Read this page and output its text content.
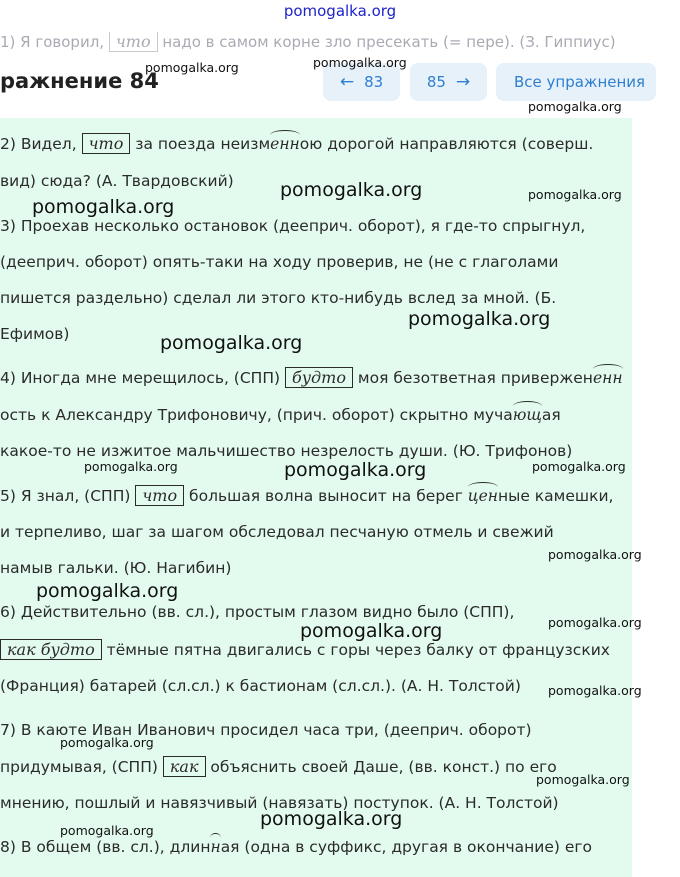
pomogalka.org
1) Я говорил, что надо в самом корне зло пресекать (= пере). (З. Гиппиус)
ражнение 84	← 83	85 →	Все упражнения
2) Видел, что за поезда неизменною дорогой направляются (соверш.
вид) сюда? (А. Твардовский)
3) Проехав несколько остановок (дееприч. оборот), я где-то спрыгнул,
(дееприч. оборот) опять-таки на ходу проверив, не (не с глаголами
пишется раздельно) сделал ли этого кто-нибудь вслед за мной. (Б.
Ефимов)
4) Иногда мне мерещилось, (СПП) будто моя безответная привержененн
ость к Александру Трифоновичу, (прич. оборот) скрытно мучающая
какое-то не изжитое мальчишество незрелость души. (Ю. Трифонов)
5) Я знал, (СПП) что большая волна выносит на берег ценные камешки,
и терпеливо, шаг за шагом обследовал песчаную отмель и свежий
намыв гальки. (Ю. Нагибин)
6) Действительно (вв. сл.), простым глазом видно было (СПП),
как будто тёмные пятна двигались с горы через балку от французских
(Франция) батарей (сл.сл.) к бастионам (сл.сл.). (А. Н. Толстой)
7) В каюте Иван Иванович просидел часа три, (дееприч. оборот)
придумывая, (СПП) как объяснить своей Даше, (вв. конст.) по его
мнению, пошлый и навязчивый (навязать) поступок. (А. Н. Толстой)
8) В общем (вв. сл.), длинная (одна в суффикс, другая в окончание) его
pomogalka.org	pomogalka.org
pomogalka.org
pomogalka.org
pomogalka.org
pomogalka.org
pomogalka.org
pomogalka.org
pomogalka.org	pomogalka.org	pomogalka.org
pomogalka.org
pomogalka.org
pomogalka.org
pomogalka.org
pomogalka.org
pomogalka.org
pomogalka.org
pomogalka.org
pomogalka.org
